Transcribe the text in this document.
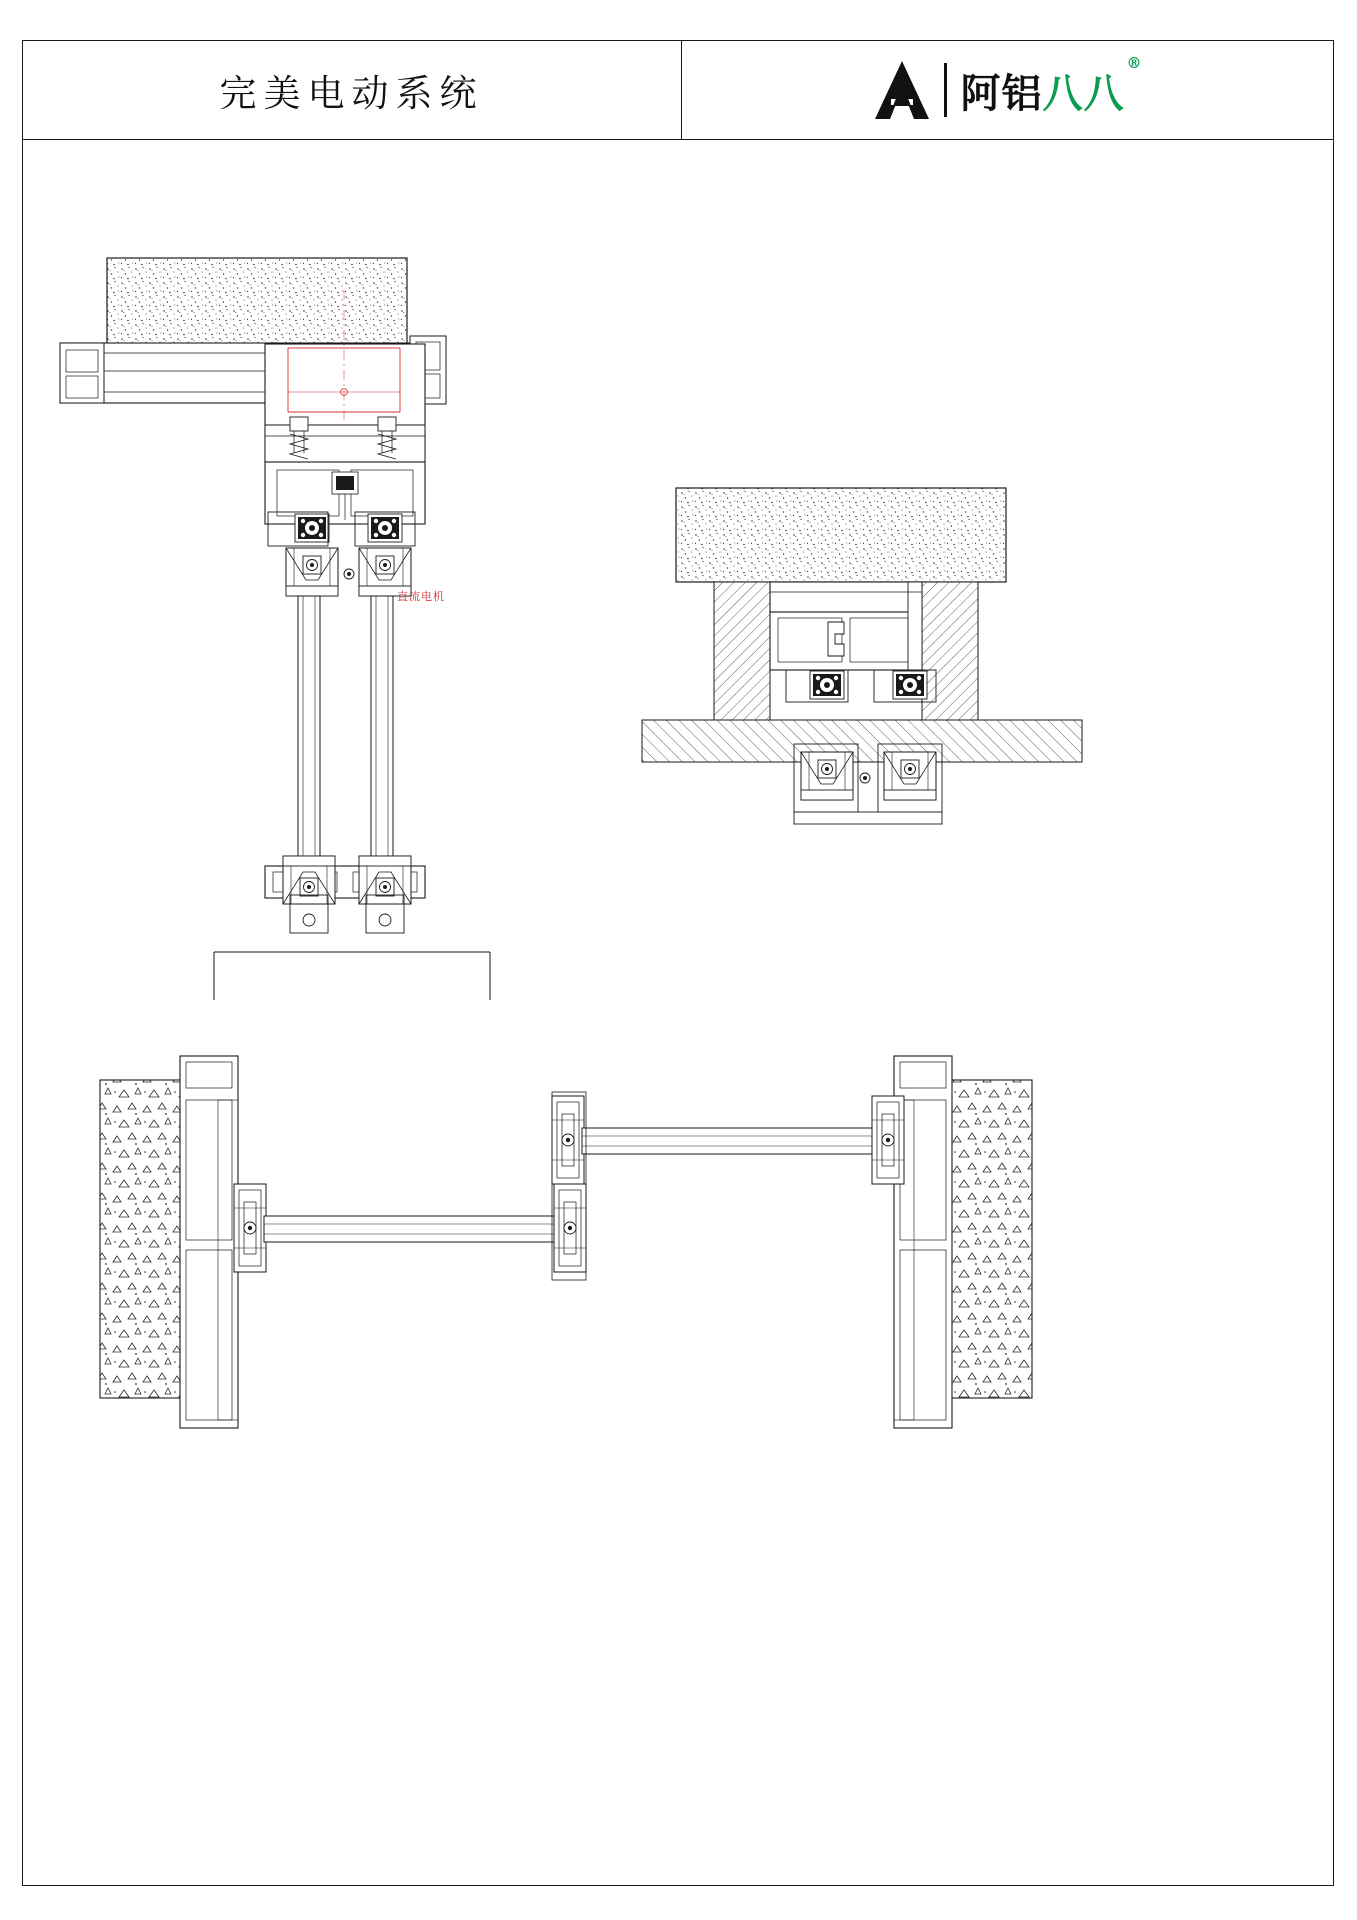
完美电动系统	阿铝 八八
®
直流电机
